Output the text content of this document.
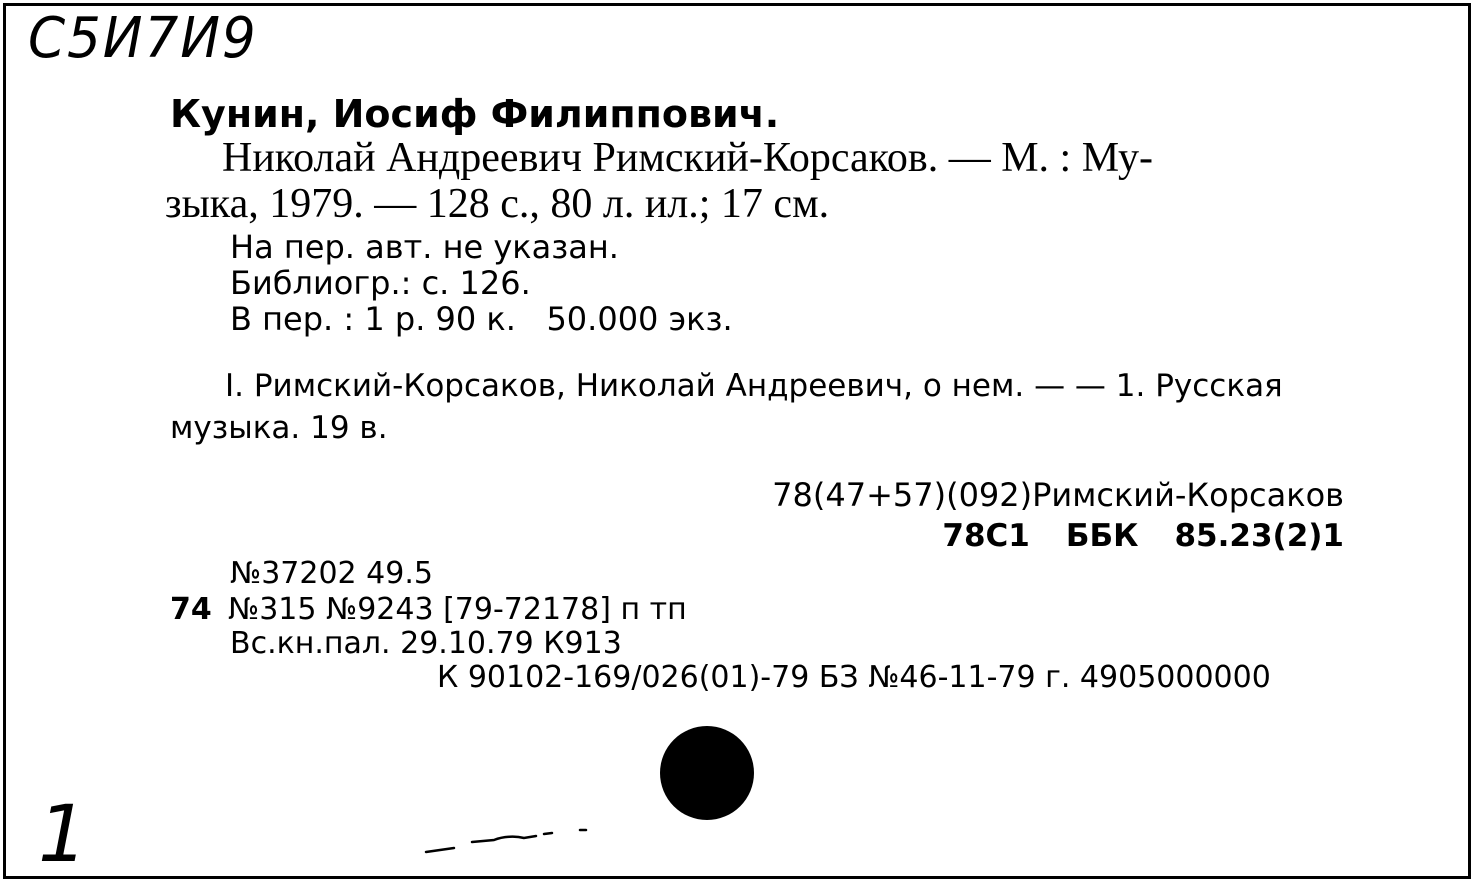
С5И7И9
Кунин, Иосиф Филиппович.
Николай Андреевич Римский-Корсаков. — М. : Му-
зыка, 1979. — 128 с., 80 л. ил.; 17 см.
На пер. авт. не указан.
Библиогр.: с. 126.
В пер. : 1 р. 90 к.   50.000 экз.
I. Римский-Корсаков, Николай Андреевич, о нем. — — 1. Русская
музыка. 19 в.
78(47+57)(092)Римский-Корсаков
78С1 ББК 85.23(2)1
№37202 49.5
74 №315 №9243 [79-72178] п тп
Вс.кн.пал. 29.10.79 К913
К 90102-169/026(01)-79 БЗ №46-11-79 г. 4905000000
1
